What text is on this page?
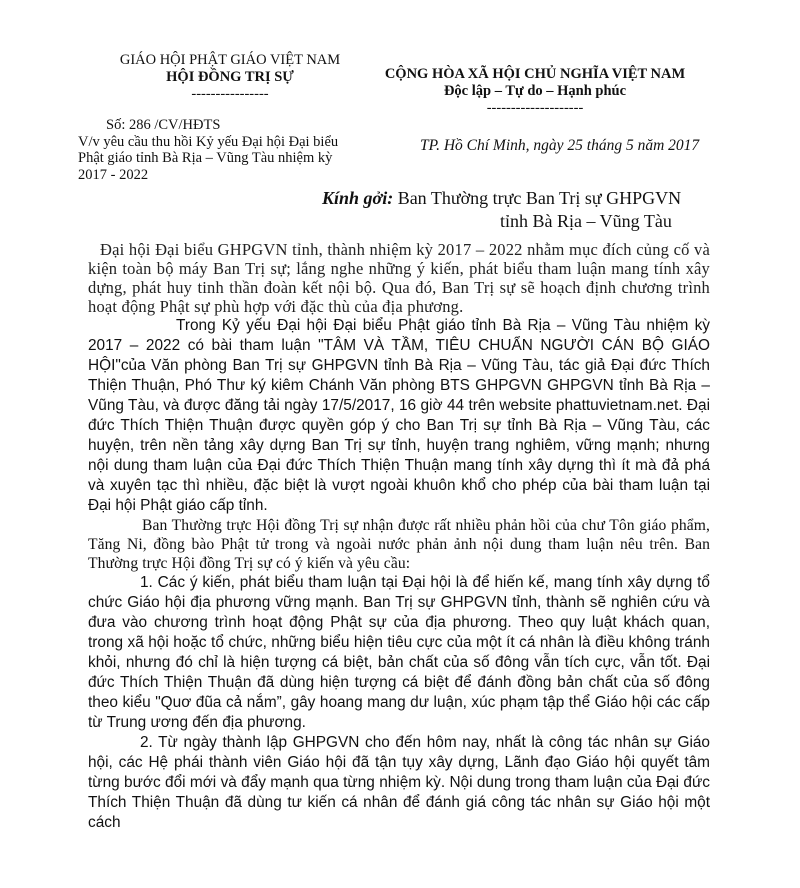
GIÁO HỘI PHẬT GIÁO VIỆT NAM
HỘI ĐỒNG TRỊ SỰ
----------------
Số: 286 /CV/HĐTS
V/v yêu cầu thu hồi Kỷ yếu Đại hội Đại biểu Phật giáo tỉnh Bà Rịa – Vũng Tàu nhiệm kỳ 2017 - 2022
CỘNG HÒA XÃ HỘI CHỦ NGHĨA VIỆT NAM
Độc lập – Tự do – Hạnh phúc
--------------------
TP. Hồ Chí Minh, ngày 25 tháng 5 năm 2017
Kính gởi: Ban Thường trực Ban Trị sự GHPGVN
tỉnh Bà Rịa – Vũng Tàu

Đại hội Đại biểu GHPGVN tỉnh, thành nhiệm kỳ 2017 – 2022 nhằm mục đích củng cố và kiện toàn bộ máy Ban Trị sự; lắng nghe những ý kiến, phát biểu tham luận mang tính xây dựng, phát huy tinh thần đoàn kết nội bộ. Qua đó, Ban Trị sự sẽ hoạch định chương trình hoạt động Phật sự phù hợp với đặc thù của địa phương.

Trong Kỷ yếu Đại hội Đại biểu Phật giáo tỉnh Bà Rịa – Vũng Tàu nhiệm kỳ 2017 – 2022 có bài tham luận "TÂM VÀ TẦM, TIÊU CHUẨN NGƯỜI CÁN BỘ GIÁO HỘI"của Văn phòng Ban Trị sự GHPGVN tỉnh Bà Rịa – Vũng Tàu, tác giả Đại đức Thích Thiện Thuận, Phó Thư ký kiêm Chánh Văn phòng BTS GHPGVN GHPGVN tỉnh Bà Rịa – Vũng Tàu, và được đăng tải ngày 17/5/2017, 16 giờ 44 trên website phattuvietnam.net. Đại đức Thích Thiện Thuận được quyền góp ý cho Ban Trị sự tỉnh Bà Rịa – Vũng Tàu, các huyện, trên nền tảng xây dựng Ban Trị sự tỉnh, huyện trang nghiêm, vững mạnh; nhưng nội dung tham luận của Đại đức Thích Thiện Thuận mang tính xây dựng thì ít mà đả phá và xuyên tạc thì nhiều, đặc biệt là vượt ngoài khuôn khổ cho phép của bài tham luận tại Đại hội Phật giáo cấp tỉnh.

Ban Thường trực Hội đồng Trị sự nhận được rất nhiều phản hồi của chư Tôn giáo phẩm, Tăng Ni, đồng bào Phật tử trong và ngoài nước phản ảnh nội dung tham luận nêu trên. Ban Thường trực Hội đồng Trị sự có ý kiến và yêu cầu:

1. Các ý kiến, phát biểu tham luận tại Đại hội là để hiến kế, mang tính xây dựng tổ chức Giáo hội địa phương vững mạnh. Ban Trị sự GHPGVN tỉnh, thành sẽ nghiên cứu và đưa vào chương trình hoạt động Phật sự của địa phương. Theo quy luật khách quan, trong xã hội hoặc tổ chức, những biểu hiện tiêu cực của một ít cá nhân là điều không tránh khỏi, nhưng đó chỉ là hiện tượng cá biệt, bản chất của số đông vẫn tích cực, vẫn tốt. Đại đức Thích Thiện Thuận đã dùng hiện tượng cá biệt để đánh đồng bản chất của số đông theo kiểu "Quơ đũa cả nắm”, gây hoang mang dư luận, xúc phạm tập thể Giáo hội các cấp từ Trung ương đến địa phương.

2. Từ ngày thành lập GHPGVN cho đến hôm nay, nhất là công tác nhân sự Giáo hội, các Hệ phái thành viên Giáo hội đã tận tụy xây dựng, Lãnh đạo Giáo hội quyết tâm từng bước đổi mới và đẩy mạnh qua từng nhiệm kỳ. Nội dung trong tham luận của Đại đức Thích Thiện Thuận đã dùng tư kiến cá nhân để đánh giá công tác nhân sự Giáo hội một cách
